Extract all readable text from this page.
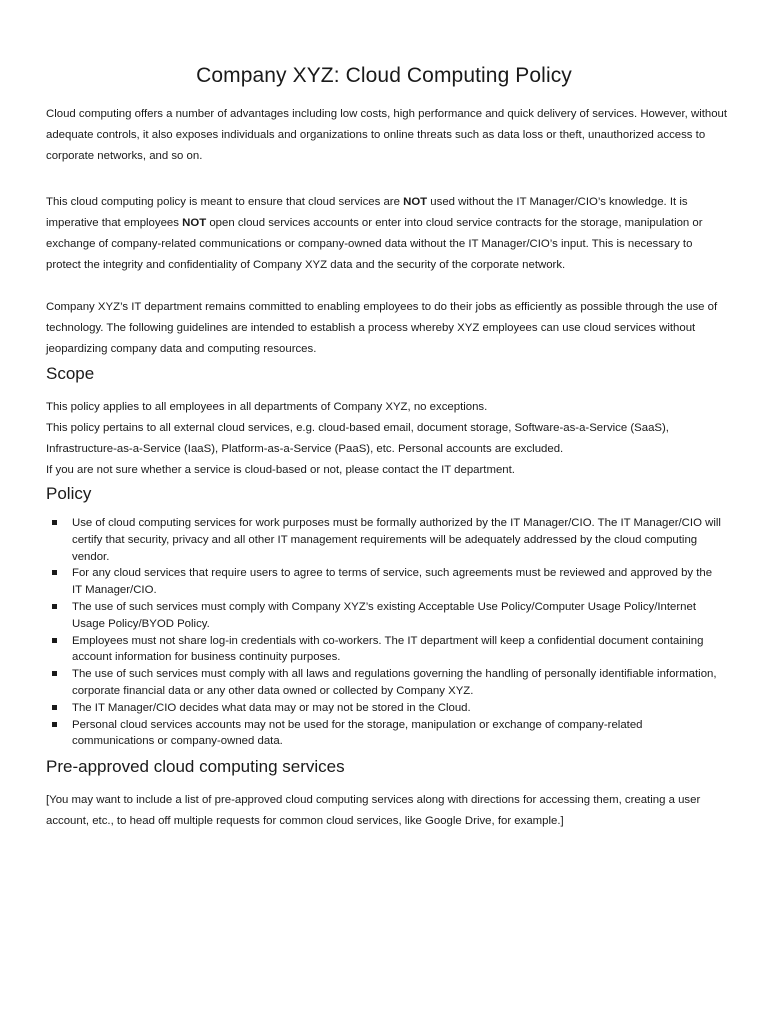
Company XYZ: Cloud Computing Policy

Cloud computing offers a number of advantages including low costs, high performance and quick delivery of services. However, without adequate controls, it also exposes individuals and organizations to online threats such as data loss or theft, unauthorized access to corporate networks, and so on.

This cloud computing policy is meant to ensure that cloud services are NOT used without the IT Manager/CIO’s knowledge. It is imperative that employees NOT open cloud services accounts or enter into cloud service contracts for the storage, manipulation or exchange of company-related communications or company-owned data without the IT Manager/CIO’s input. This is necessary to protect the integrity and confidentiality of Company XYZ data and the security of the corporate network.

Company XYZ’s IT department remains committed to enabling employees to do their jobs as efficiently as possible through the use of technology. The following guidelines are intended to establish a process whereby XYZ employees can use cloud services without jeopardizing company data and computing resources.

Scope

This policy applies to all employees in all departments of Company XYZ, no exceptions.

This policy pertains to all external cloud services, e.g. cloud-based email, document storage, Software-as-a-Service (SaaS), Infrastructure-as-a-Service (IaaS), Platform-as-a-Service (PaaS), etc. Personal accounts are excluded.

If you are not sure whether a service is cloud-based or not, please contact the IT department.

Policy
Use of cloud computing services for work purposes must be formally authorized by the IT Manager/CIO. The IT Manager/CIO will certify that security, privacy and all other IT management requirements will be adequately addressed by the cloud computing vendor.
For any cloud services that require users to agree to terms of service, such agreements must be reviewed and approved by the IT Manager/CIO.
The use of such services must comply with Company XYZ’s existing Acceptable Use Policy/Computer Usage Policy/Internet Usage Policy/BYOD Policy.
Employees must not share log-in credentials with co-workers. The IT department will keep a confidential document containing account information for business continuity purposes.
The use of such services must comply with all laws and regulations governing the handling of personally identifiable information, corporate financial data or any other data owned or collected by Company XYZ.
The IT Manager/CIO decides what data may or may not be stored in the Cloud.
Personal cloud services accounts may not be used for the storage, manipulation or exchange of company-related communications or company-owned data.
Pre-approved cloud computing services

[You may want to include a list of pre-approved cloud computing services along with directions for accessing them, creating a user account, etc., to head off multiple requests for common cloud services, like Google Drive, for example.]
